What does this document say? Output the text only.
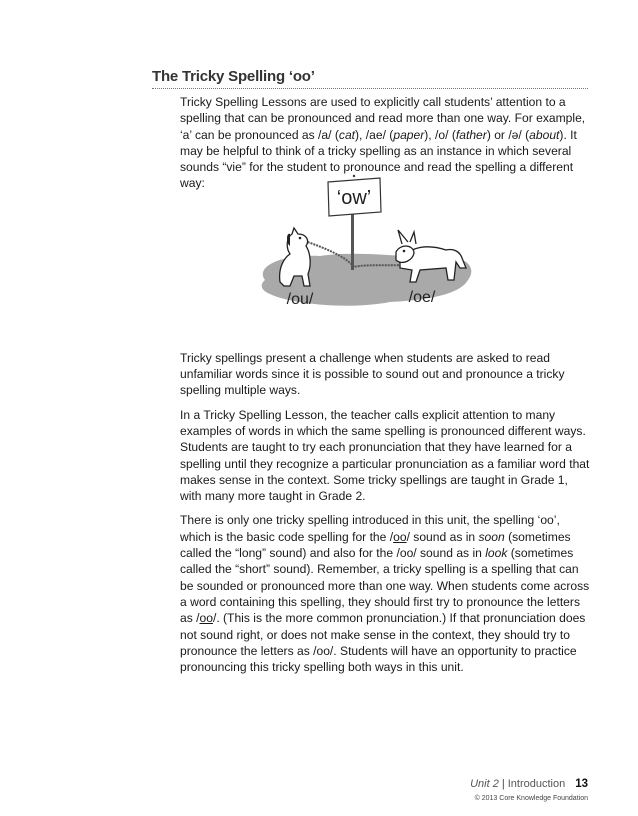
The Tricky Spelling ‘oo’

Tricky Spelling Lessons are used to explicitly call students’ attention to a spelling that can be pronounced and read more than one way. For example, ‘a’ can be pronounced as /a/ (cat), /ae/ (paper), /o/ (father) or /ə/ (about). It may be helpful to think of a tricky spelling as an instance in which several sounds “vie” for the student to pronounce and read the spelling a different way:

Tricky spellings present a challenge when students are asked to read unfamiliar words since it is possible to sound out and pronounce a tricky spelling multiple ways.

In a Tricky Spelling Lesson, the teacher calls explicit attention to many examples of words in which the same spelling is pronounced different ways. Students are taught to try each pronunciation that they have learned for a spelling until they recognize a particular pronunciation as a familiar word that makes sense in the context. Some tricky spellings are taught in Grade 1, with many more taught in Grade 2.

There is only one tricky spelling introduced in this unit, the spelling ‘oo’, which is the basic code spelling for the /oo/ sound as in soon (sometimes called the “long” sound) and also for the /oo/ sound as in look (sometimes called the “short” sound). Remember, a tricky spelling is a spelling that can be sounded or pronounced more than one way. When students come across a word containing this spelling, they should first try to pronounce the letters as /oo/. (This is the more common pronunciation.) If that pronunciation does not sound right, or does not make sense in the context, they should try to pronounce the letters as /oo/. Students will have an opportunity to practice pronouncing this tricky spelling both ways in this unit.

‘ow’
/ou/	/oe/
Unit 2 | Introduction 13
© 2013 Core Knowledge Foundation
